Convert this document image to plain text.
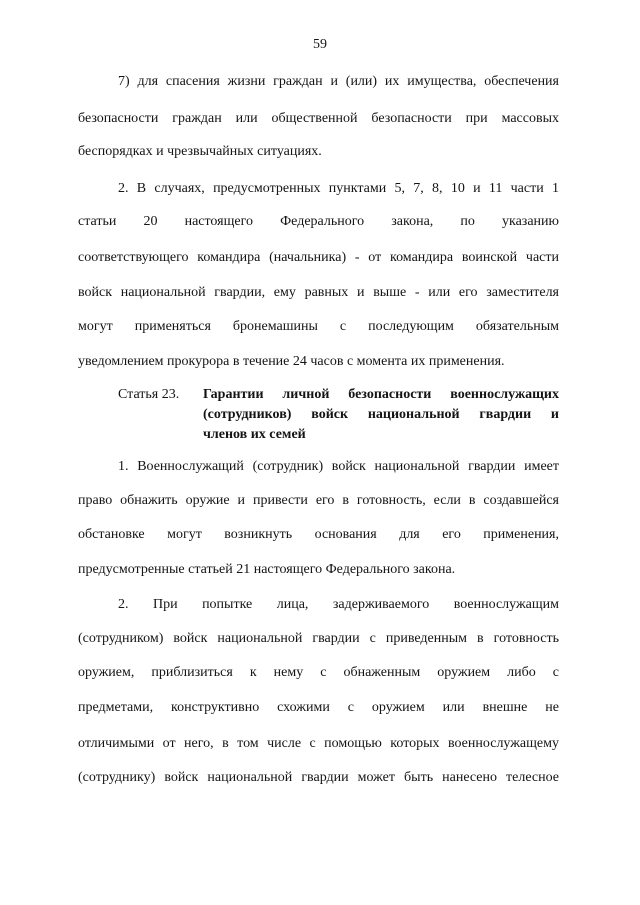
59
7) для спасения жизни граждан и (или) их имущества, обеспечения
безопасности граждан или общественной безопасности при массовых
беспорядках и чрезвычайных ситуациях.
2. В случаях, предусмотренных пунктами 5, 7, 8, 10 и 11 части 1
статьи 20 настоящего Федерального закона, по указанию
соответствующего командира (начальника) - от командира воинской части
войск национальной гвардии, ему равных и выше - или его заместителя
могут применяться бронемашины с последующим обязательным
уведомлением прокурора в течение 24 часов с момента их применения.
Статья 23. Гарантии личной безопасности военнослужащих
(сотрудников) войск национальной гвардии и
членов их семей
1. Военнослужащий (сотрудник) войск национальной гвардии имеет
право обнажить оружие и привести его в готовность, если в создавшейся
обстановке могут возникнуть основания для его применения,
предусмотренные статьей 21 настоящего Федерального закона.
2. При попытке лица, задерживаемого военнослужащим
(сотрудником) войск национальной гвардии с приведенным в готовность
оружием, приблизиться к нему с обнаженным оружием либо с
предметами, конструктивно схожими с оружием или внешне не
отличимыми от него, в том числе с помощью которых военнослужащему
(сотруднику) войск национальной гвардии может быть нанесено телесное
